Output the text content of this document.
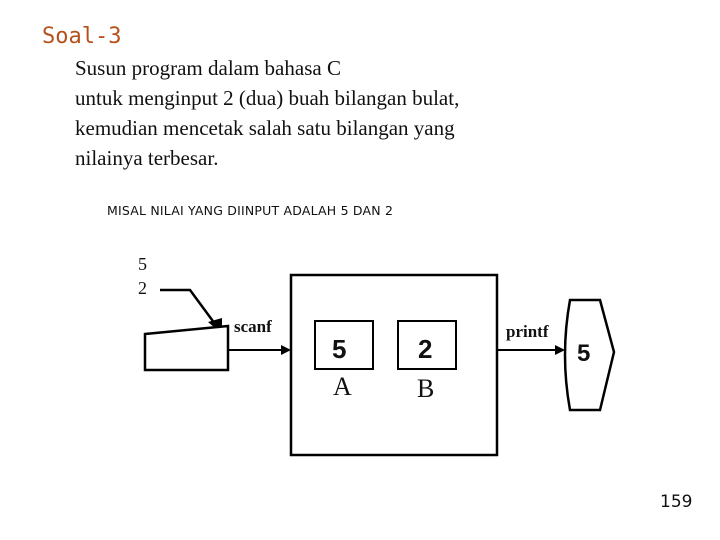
Soal-3
Susun program dalam bahasa C
untuk menginput 2 (dua) buah bilangan bulat,
kemudian mencetak salah satu bilangan yang
nilainya terbesar.
MISAL NILAI YANG DIINPUT ADALAH 5 DAN 2
5
2
scanf	printf
5
A
2
B
5
159
